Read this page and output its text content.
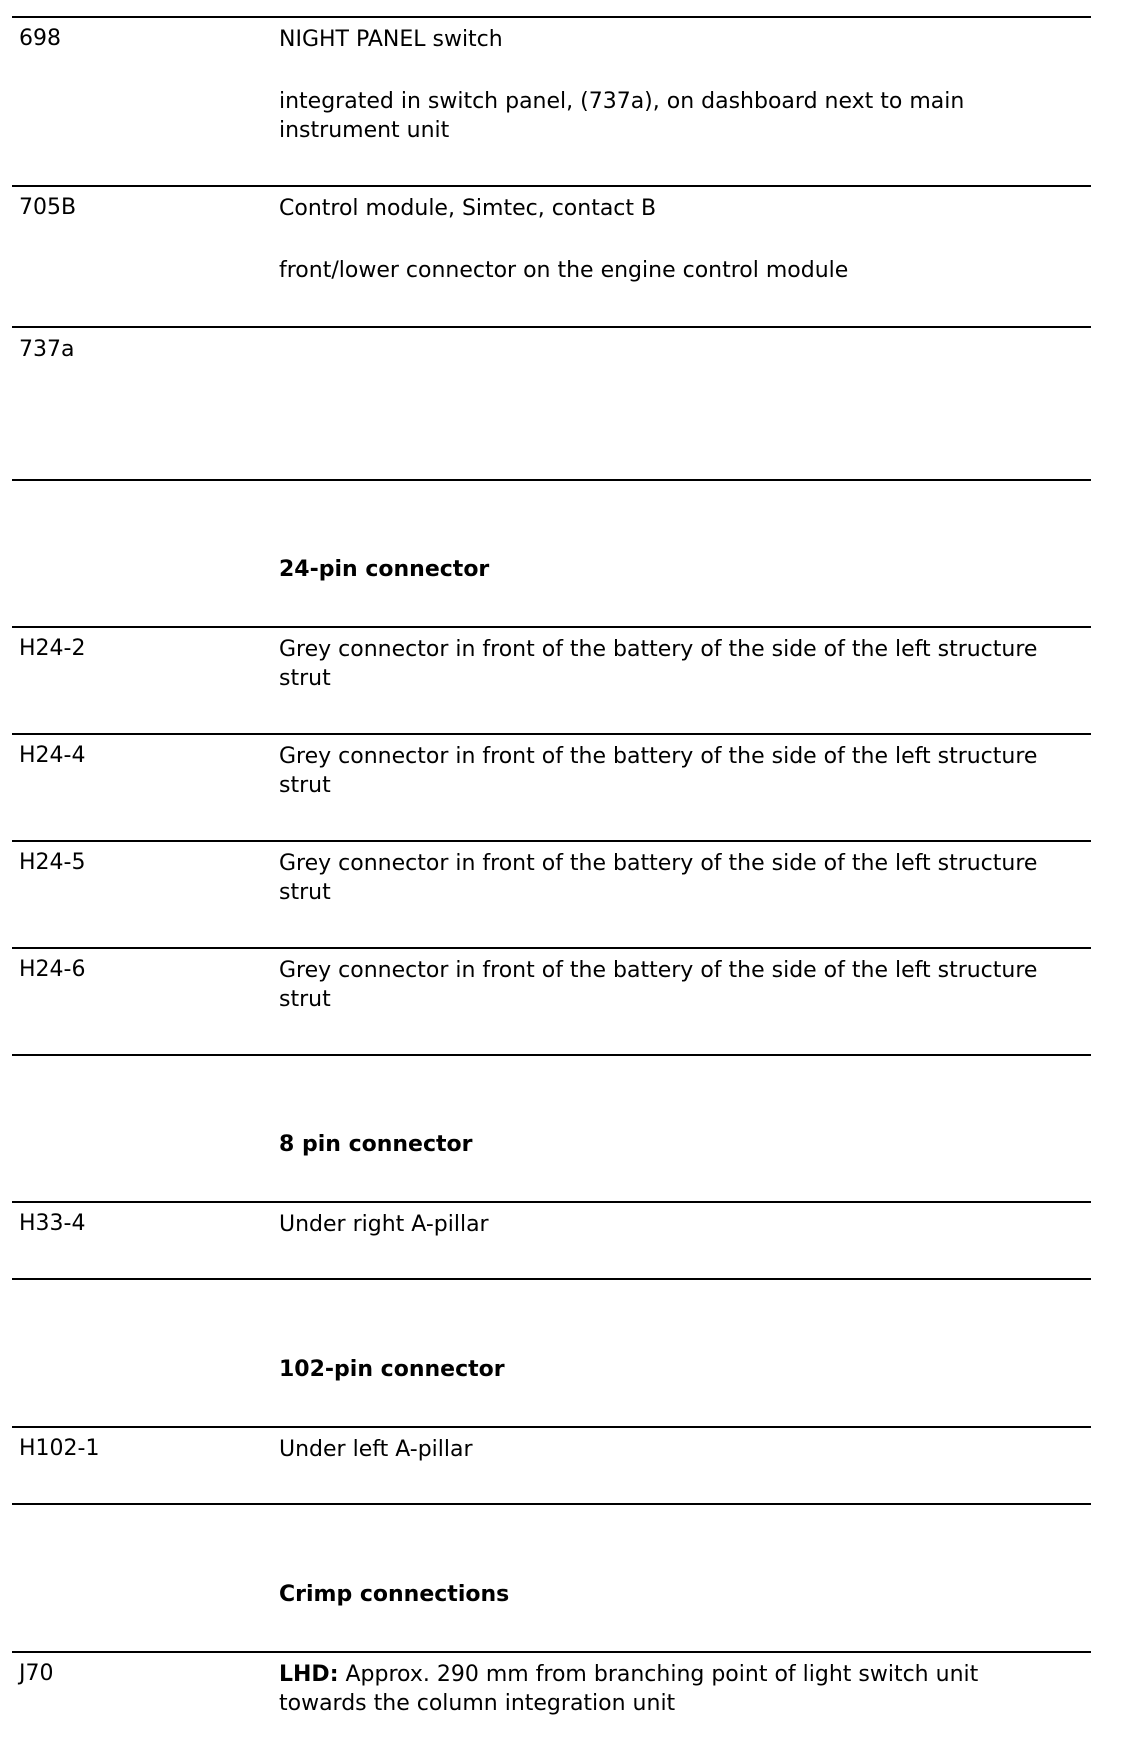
698	NIGHT PANEL switch
integrated in switch panel, (737a), on dashboard next to main instrument unit
705B	Control module, Simtec, contact B
front/lower connector on the engine control module
737a
24-pin connector
H24-2	Grey connector in front of the battery of the side of the left structure strut
H24-4	Grey connector in front of the battery of the side of the left structure strut
H24-5	Grey connector in front of the battery of the side of the left structure strut
H24-6	Grey connector in front of the battery of the side of the left structure strut
8 pin connector
H33-4	Under right A-pillar
102-pin connector
H102-1	Under left A-pillar
Crimp connections
J70	LHD: Approx. 290 mm from branching point of light switch unit towards the column integration unit
